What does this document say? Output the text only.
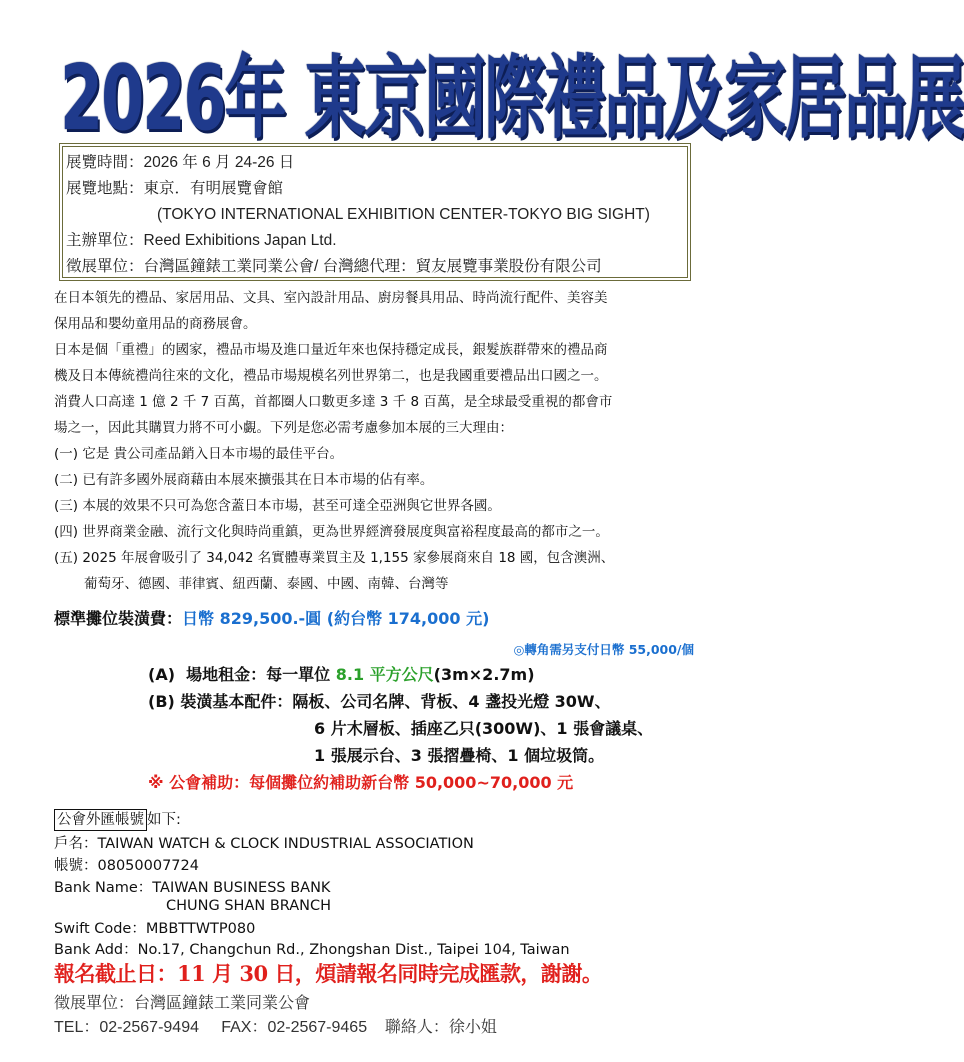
2026年 東京國際禮品及家居品展
展覽時間：2026 年 6 月 24-26 日
展覽地點：東京．有明展覽會館
(TOKYO INTERNATIONAL EXHIBITION CENTER-TOKYO BIG SIGHT)
主辦單位：Reed Exhibitions Japan Ltd.
徵展單位：台灣區鐘錶工業同業公會/ 台灣總代理：貿友展覽事業股份有限公司
在日本領先的禮品、家居用品、文具、室內設計用品、廚房餐具用品、時尚流行配件、美容美
保用品和嬰幼童用品的商務展會。
日本是個「重禮」的國家，禮品市場及進口量近年來也保持穩定成長，銀髮族群帶來的禮品商
機及日本傳統禮尚往來的文化，禮品市場規模名列世界第二，也是我國重要禮品出口國之一。
消費人口高達 1 億 2 千 7 百萬，首都圈人口數更多達 3 千 8 百萬，是全球最受重視的都會市
場之一，因此其購買力將不可小覷。下列是您必需考慮參加本展的三大理由：
(一) 它是 貴公司產品銷入日本市場的最佳平台。
(二) 已有許多國外展商藉由本展來擴張其在日本市場的佔有率。
(三) 本展的效果不只可為您含蓋日本市場，甚至可達全亞洲與它世界各國。
(四) 世界商業金融、流行文化與時尚重鎮，更為世界經濟發展度與富裕程度最高的都市之一。
(五) 2025 年展會吸引了 34,042 名實體專業買主及 1,155 家參展商來自 18 國，包含澳洲、
葡萄牙、德國、菲律賓、紐西蘭、泰國、中國、南韓、台灣等
標準攤位裝潢費：日幣 829,500.-圓 (約台幣 174,000 元)
◎轉角需另支付日幣 55,000/個
(A)  場地租金：每一單位 8.1 平方公尺(3m×2.7m)
(B) 裝潢基本配件：隔板、公司名牌、背板、4 盞投光燈 30W、
6 片木層板、插座乙只(300W)、1 張會議桌、
1 張展示台、3 張摺疊椅、1 個垃圾筒。
※ 公會補助：每個攤位約補助新台幣 50,000~70,000 元
公會外匯帳號 如下:
戶名：TAIWAN WATCH & CLOCK INDUSTRIAL ASSOCIATION
帳號：08050007724
Bank Name：TAIWAN BUSINESS BANK
CHUNG SHAN BRANCH
Swift Code：MBBTTWTP080
Bank Add：No.17, Changchun Rd., Zhongshan Dist., Taipei 104, Taiwan
報名截止日：11 月 30 日，煩請報名同時完成匯款，謝謝。
徵展單位：台灣區鐘錶工業同業公會
TEL：02-2567-9494     FAX：02-2567-9465    聯絡人：徐小姐
